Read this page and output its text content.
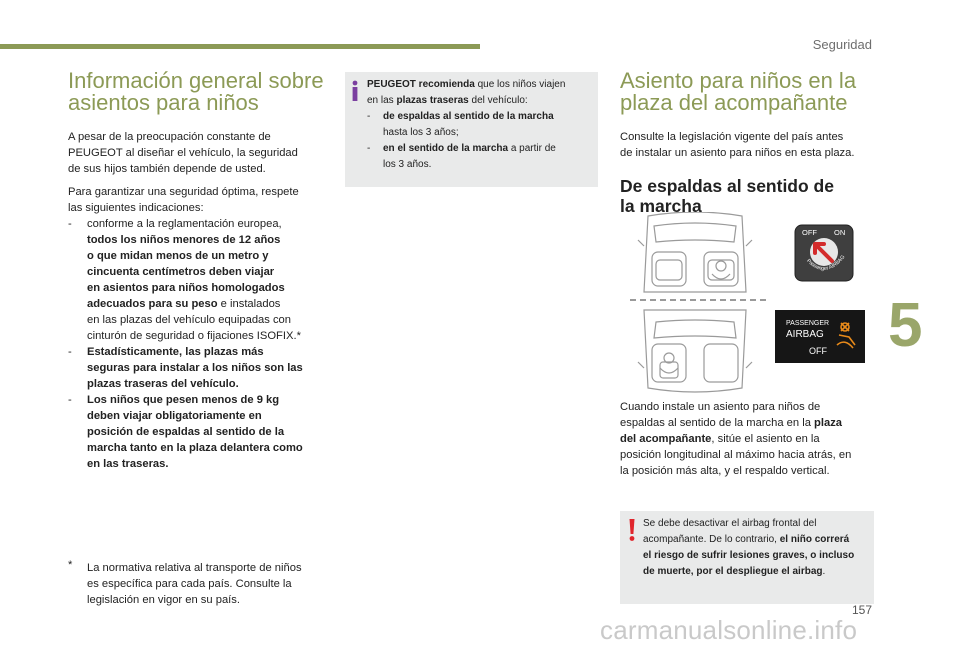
Seguridad
5
Información general sobre
asientos para niños

A pesar de la preocupación constante de
PEUGEOT al diseñar el vehículo, la seguridad
de sus hijos también depende de usted.

Para garantizar una seguridad óptima, respete
las siguientes indicaciones:

- conforme a la reglamentación europea,
todos los niños menores de 12 años
o que midan menos de un metro y
cincuenta centímetros deben viajar
en asientos para niños homologados
adecuados para su peso e instalados
en las plazas del vehículo equipadas con
cinturón de seguridad o fijaciones ISOFIX.*
- Estadísticamente, las plazas más
seguras para instalar a los niños son las
plazas traseras del vehículo.
- Los niños que pesen menos de 9 kg
deben viajar obligatoriamente en
posición de espaldas al sentido de la
marcha tanto en la plaza delantera como
en las traseras.
* La normativa relativa al transporte de niños
es específica para cada país. Consulte la
legislación en vigor en su país.
PEUGEOT recomienda que los niños viajen
en las plazas traseras del vehículo:
- de espaldas al sentido de la marcha
hasta los 3 años;
- en el sentido de la marcha a partir de
los 3 años.
Asiento para niños en la
plaza del acompañante

Consulte la legislación vigente del país antes
de instalar un asiento para niños en esta plaza.

De espaldas al sentido de
la marcha
OFF ON
Passenger AIRBAG
PASSENGER
AIRBAG
OFF

Cuando instale un asiento para niños de
espaldas al sentido de la marcha en la plaza
del acompañante, sitúe el asiento en la
posición longitudinal al máximo hacia atrás, en
la posición más alta, y el respaldo vertical.

Se debe desactivar el airbag frontal del
acompañante. De lo contrario, el niño correrá
el riesgo de sufrir lesiones graves, o incluso
de muerte, por el despliegue el airbag.
157
carmanualsonline.info
